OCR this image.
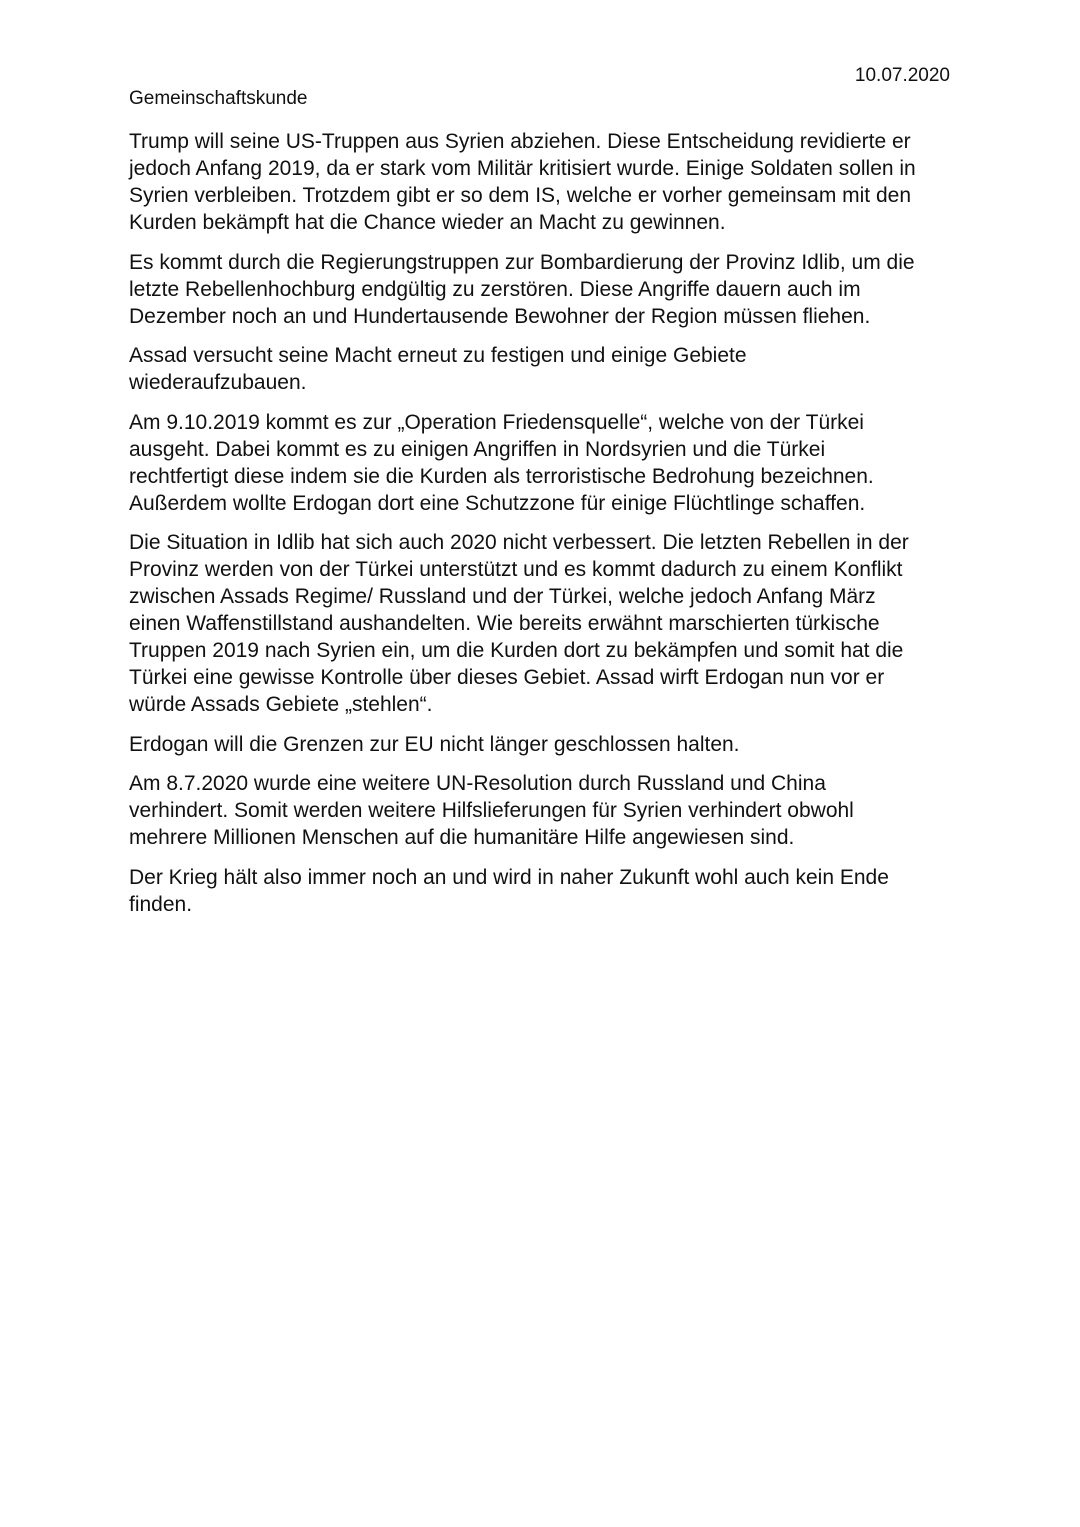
10.07.2020
Gemeinschaftskunde

Trump will seine US-Truppen aus Syrien abziehen. Diese Entscheidung revidierte er
jedoch Anfang 2019, da er stark vom Militär kritisiert wurde. Einige Soldaten sollen in
Syrien verbleiben. Trotzdem gibt er so dem IS, welche er vorher gemeinsam mit den
Kurden bekämpft hat die Chance wieder an Macht zu gewinnen.

Es kommt durch die Regierungstruppen zur Bombardierung der Provinz Idlib, um die
letzte Rebellenhochburg endgültig zu zerstören. Diese Angriffe dauern auch im
Dezember noch an und Hundertausende Bewohner der Region müssen fliehen.

Assad versucht seine Macht erneut zu festigen und einige Gebiete
wiederaufzubauen.

Am 9.10.2019 kommt es zur „Operation Friedensquelle“, welche von der Türkei
ausgeht. Dabei kommt es zu einigen Angriffen in Nordsyrien und die Türkei
rechtfertigt diese indem sie die Kurden als terroristische Bedrohung bezeichnen.
Außerdem wollte Erdogan dort eine Schutzzone für einige Flüchtlinge schaffen.

Die Situation in Idlib hat sich auch 2020 nicht verbessert. Die letzten Rebellen in der
Provinz werden von der Türkei unterstützt und es kommt dadurch zu einem Konflikt
zwischen Assads Regime/ Russland und der Türkei, welche jedoch Anfang März
einen Waffenstillstand aushandelten. Wie bereits erwähnt marschierten türkische
Truppen 2019 nach Syrien ein, um die Kurden dort zu bekämpfen und somit hat die
Türkei eine gewisse Kontrolle über dieses Gebiet. Assad wirft Erdogan nun vor er
würde Assads Gebiete „stehlen“.

Erdogan will die Grenzen zur EU nicht länger geschlossen halten.

Am 8.7.2020 wurde eine weitere UN-Resolution durch Russland und China
verhindert. Somit werden weitere Hilfslieferungen für Syrien verhindert obwohl
mehrere Millionen Menschen auf die humanitäre Hilfe angewiesen sind.

Der Krieg hält also immer noch an und wird in naher Zukunft wohl auch kein Ende
finden.
